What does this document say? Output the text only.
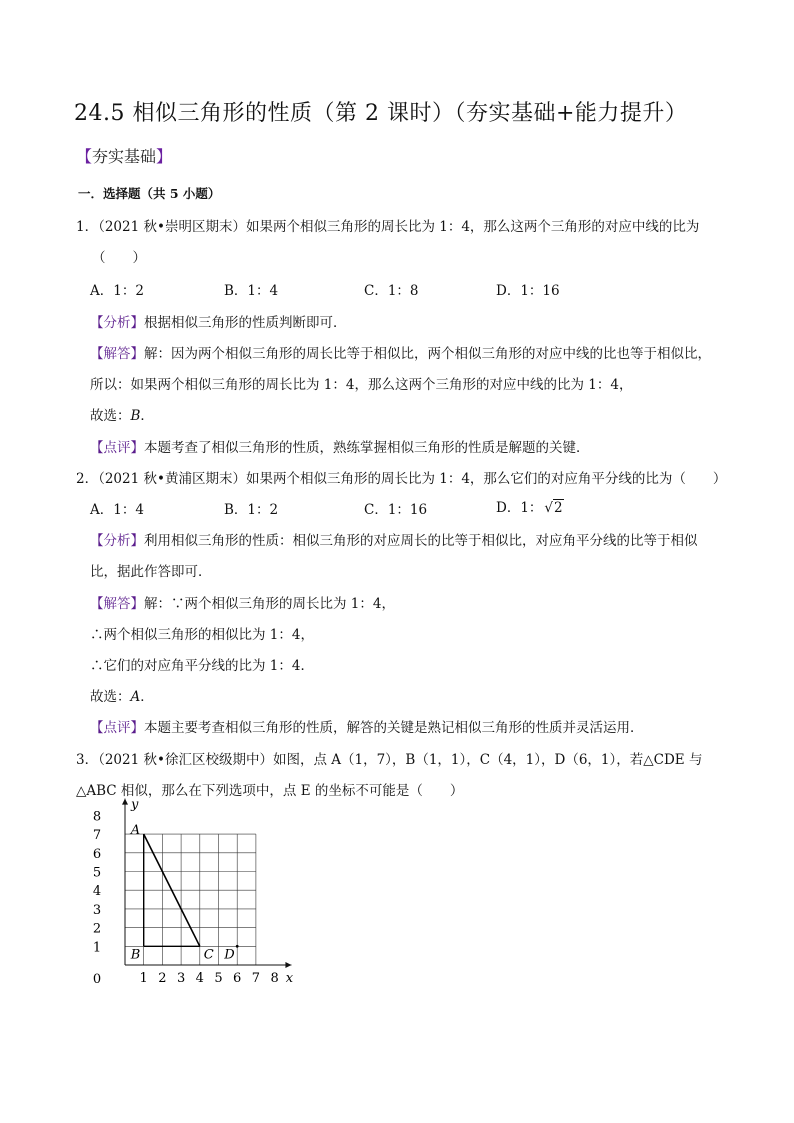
24.5 相似三角形的性质（第 2 课时）（夯实基础+能力提升）
【夯实基础】
一．选择题（共 5 小题）
1．（2021 秋•崇明区期末）如果两个相似三角形的周长比为 1：4，那么这两个三角形的对应中线的比为
（　　）
A．1：2	B．1：4	C．1：8	D．1：16
【分析】根据相似三角形的性质判断即可．
【解答】解：因为两个相似三角形的周长比等于相似比，两个相似三角形的对应中线的比也等于相似比，
所以：如果两个相似三角形的周长比为 1：4，那么这两个三角形的对应中线的比为 1：4，
故选：B．
【点评】本题考查了相似三角形的性质，熟练掌握相似三角形的性质是解题的关键．
2．（2021 秋•黄浦区期末）如果两个相似三角形的周长比为 1：4，那么它们的对应角平分线的比为（　　）
A．1：4	B．1：2	C．1：16	D．1： √2
【分析】利用相似三角形的性质：相似三角形的对应周长的比等于相似比，对应角平分线的比等于相似
比，据此作答即可．
【解答】解：∵两个相似三角形的周长比为 1：4，
∴两个相似三角形的相似比为 1：4，
∴它们的对应角平分线的比为 1：4．
故选：A．
【点评】本题主要考查相似三角形的性质，解答的关键是熟记相似三角形的性质并灵活运用．
3．（2021 秋•徐汇区校级期中）如图，点 A（1，7），B（1，1），C（4，1），D（6，1），若△CDE 与
△ABC 相似，那么在下列选项中，点 E 的坐标不可能是（　　）
1 2 3 4 5 6 7 8
1
2
3
4
5
6
7
8
0	x
y
A
B	C D
